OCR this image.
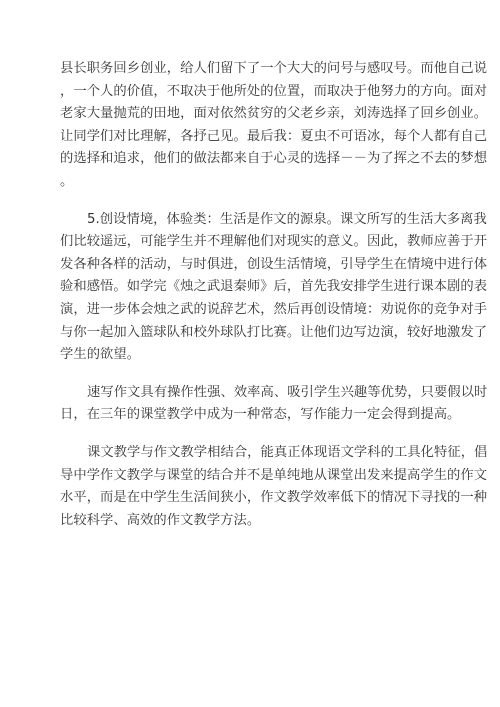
县长职务回乡创业，给人们留下了一个大大的问号与感叹号。而他自己说
，一个人的价值，不取决于他所处的位置，而取决于他努力的方向。面对
老家大量抛荒的田地，面对依然贫穷的父老乡亲，刘涛选择了回乡创业。
让同学们对比理解，各抒己见。最后我：夏虫不可语冰，每个人都有自己
的选择和追求，他们的做法都来自于心灵的选择－－为了挥之不去的梦想
。
5.创设情境，体验类：生活是作文的源泉。课文所写的生活大多离我
们比较遥远，可能学生并不理解他们对现实的意义。因此，教师应善于开
发各种各样的活动，与时俱进，创设生活情境，引导学生在情境中进行体
验和感悟。如学完《烛之武退秦师》后，首先我安排学生进行课本剧的表
演，进一步体会烛之武的说辞艺术，然后再创设情境：劝说你的竞争对手
与你一起加入篮球队和校外球队打比赛。让他们边写边演，较好地激发了
学生的欲望。
速写作文具有操作性强、效率高、吸引学生兴趣等优势，只要假以时
日，在三年的课堂教学中成为一种常态，写作能力一定会得到提高。
课文教学与作文教学相结合，能真正体现语文学科的工具化特征，倡
导中学作文教学与课堂的结合并不是单纯地从课堂出发来提高学生的作文
水平，而是在中学生生活间狭小，作文教学效率低下的情况下寻找的一种
比较科学、高效的作文教学方法。
